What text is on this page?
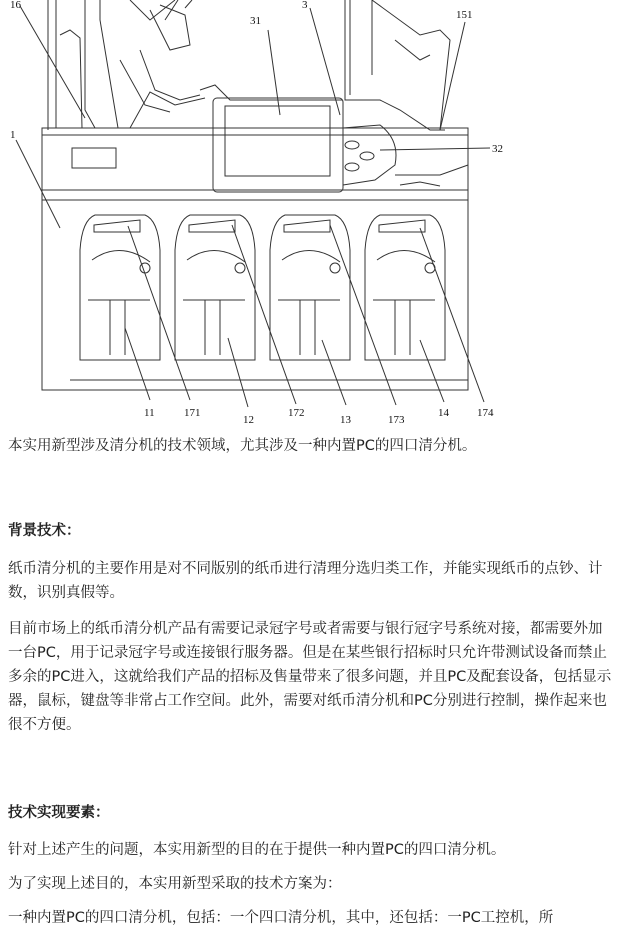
16	3
31	151
1
32
11	171
12
172
13	173
14	174

本实用新型涉及清分机的技术领域，尤其涉及一种内置PC的四口清分机。

背景技术：

纸币清分机的主要作用是对不同版别的纸币进行清理分选归类工作，并能实现纸币的点钞、计数，识别真假等。

目前市场上的纸币清分机产品有需要记录冠字号或者需要与银行冠字号系统对接，都需要外加一台PC，用于记录冠字号或连接银行服务器。但是在某些银行招标时只允许带测试设备而禁止多余的PC进入，这就给我们产品的招标及售量带来了很多问题，并且PC及配套设备，包括显示器，鼠标，键盘等非常占工作空间。此外，需要对纸币清分机和PC分别进行控制，操作起来也很不方便。

技术实现要素：

针对上述产生的问题，本实用新型的目的在于提供一种内置PC的四口清分机。

为了实现上述目的，本实用新型采取的技术方案为：

一种内置PC的四口清分机，包括：一个四口清分机，其中，还包括：一PC工控机，所
